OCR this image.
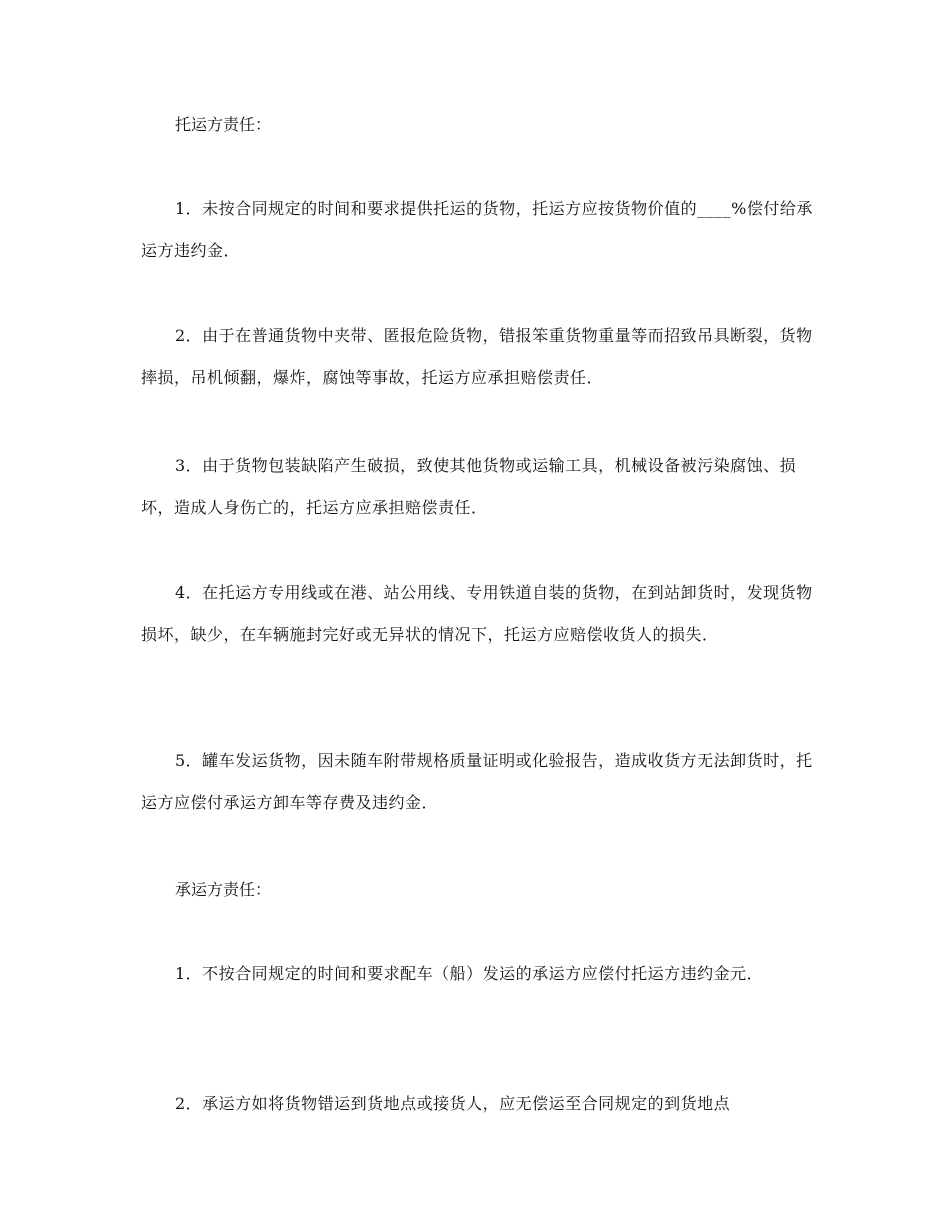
托运方责任：
1．未按合同规定的时间和要求提供托运的货物，托运方应按货物价值的____%偿付给承运方违约金．
2．由于在普通货物中夹带、匿报危险货物，错报笨重货物重量等而招致吊具断裂，货物摔损，吊机倾翻，爆炸，腐蚀等事故，托运方应承担赔偿责任．
3．由于货物包装缺陷产生破损，致使其他货物或运输工具，机械设备被污染腐蚀、损坏，造成人身伤亡的，托运方应承担赔偿责任．
4．在托运方专用线或在港、站公用线、专用铁道自装的货物，在到站卸货时，发现货物损坏，缺少，在车辆施封完好或无异状的情况下，托运方应赔偿收货人的损失．
5．罐车发运货物，因未随车附带规格质量证明或化验报告，造成收货方无法卸货时，托运方应偿付承运方卸车等存费及违约金．
承运方责任：
1．不按合同规定的时间和要求配车（船）发运的承运方应偿付托运方违约金元．
2．承运方如将货物错运到货地点或接货人，应无偿运至合同规定的到货地点
